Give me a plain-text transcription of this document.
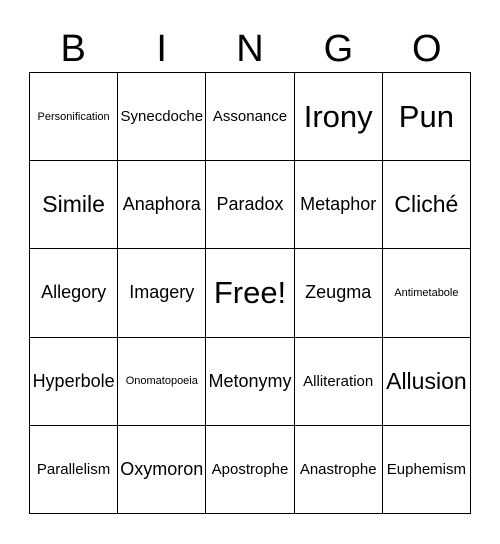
B	I	N	G	O
Personification Synecdoche Assonance Irony Pun
Simile Anaphora Paradox Metaphor Cliché
Allegory	Imagery Free!	Zeugma	Antimetabole
Hyperbole	Onomatopoeia Metonymy Alliteration Allusion
Parallelism Oxymoron Apostrophe Anastrophe Euphemism
